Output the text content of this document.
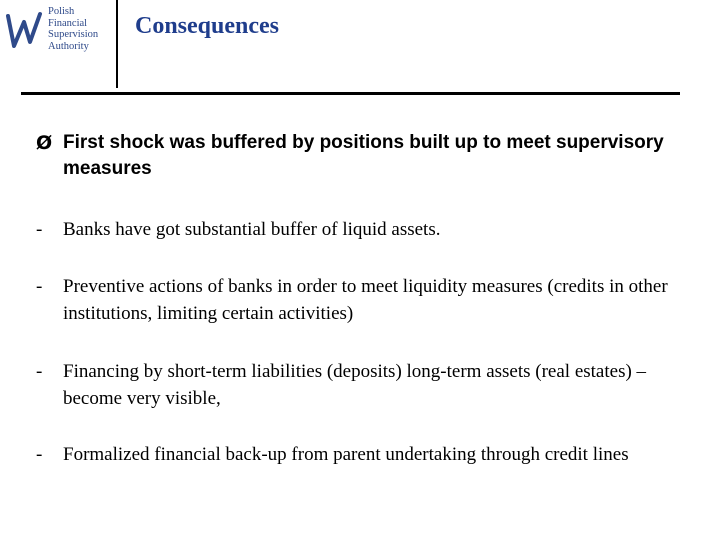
Polish
Financial
Supervision
Authority
Consequences
Ø First shock was buffered by positions built up to meet supervisory measures
- Banks have got substantial buffer of liquid assets.
- Preventive actions of banks in order to meet liquidity measures (credits in other institutions, limiting certain activities)
- Financing by short-term liabilities (deposits) long-term assets (real estates) – become very visible,
- Formalized financial back-up from parent undertaking through credit lines
